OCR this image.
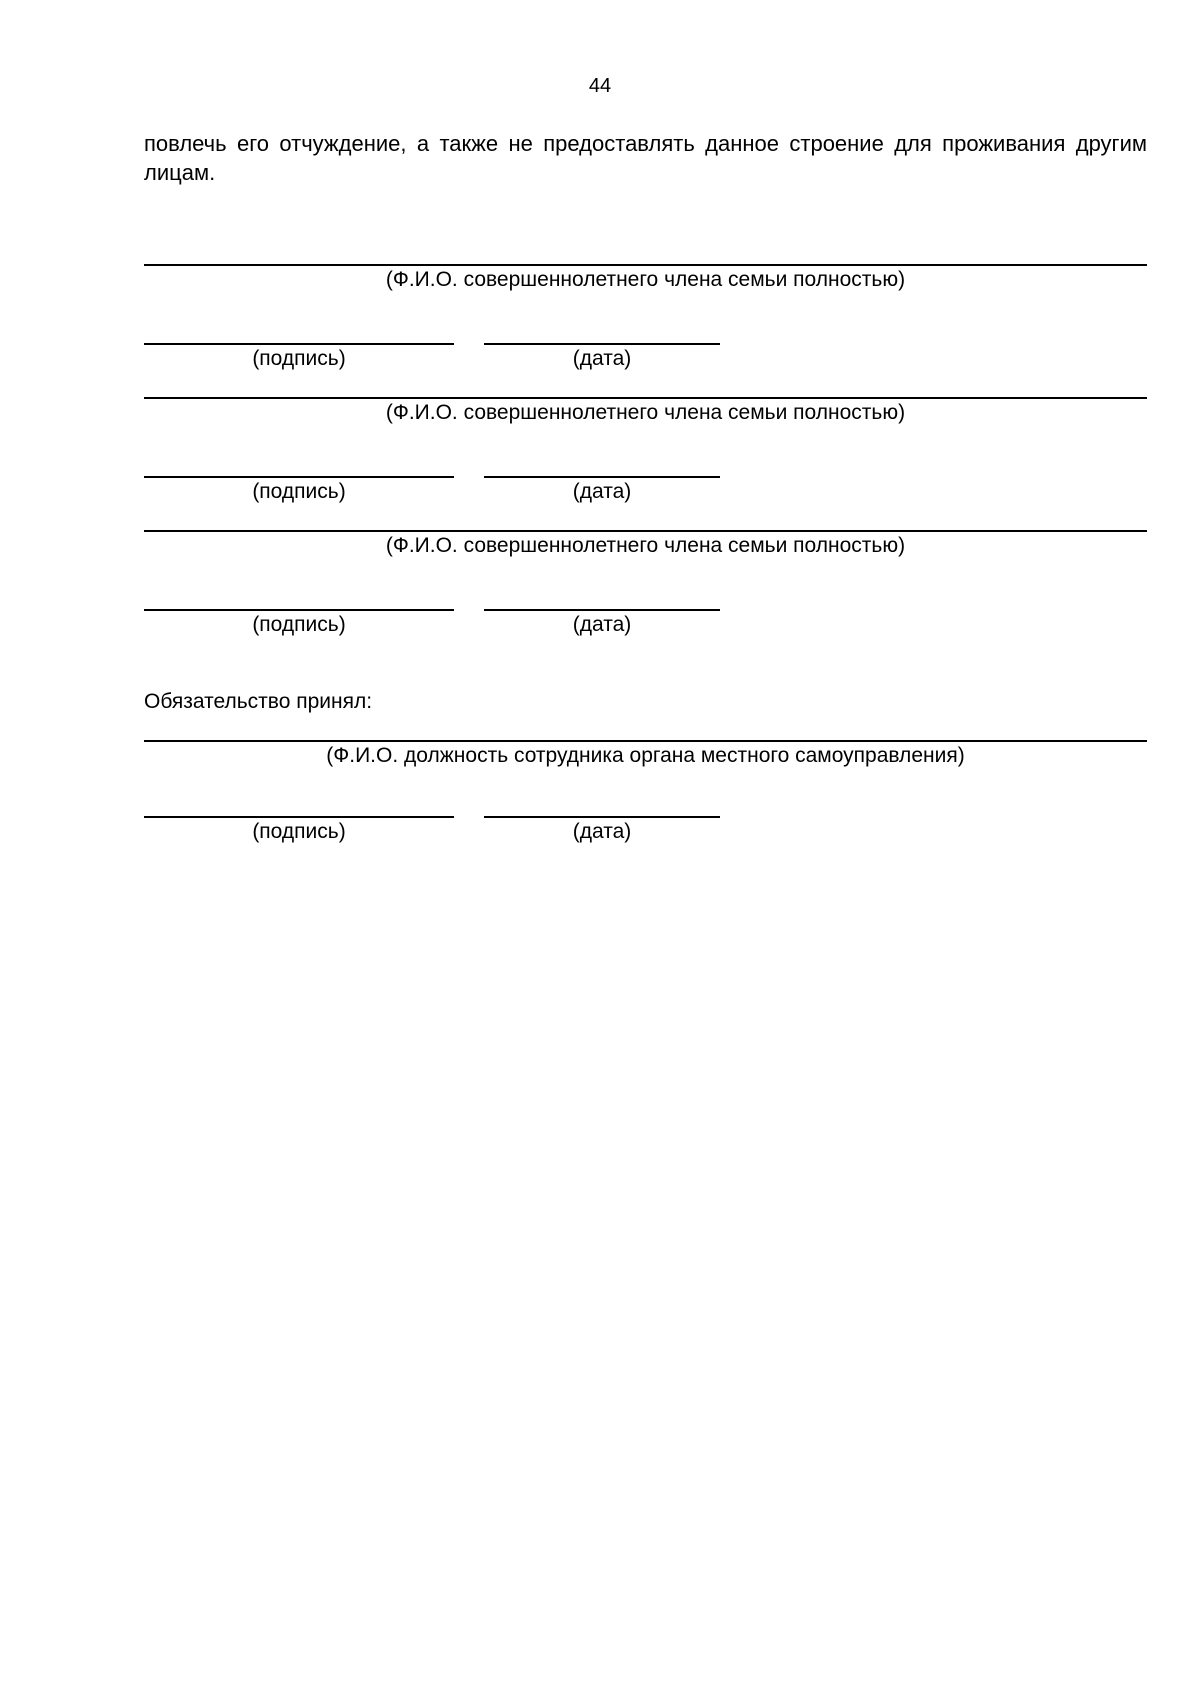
44

повлечь его отчуждение, а также не предоставлять данное строение для проживания другим лицам.

(Ф.И.О. совершеннолетнего члена семьи полностью)
(подпись)	(дата)
(Ф.И.О. совершеннолетнего члена семьи полностью)
(подпись)	(дата)
(Ф.И.О. совершеннолетнего члена семьи полностью)
(подпись)	(дата)
Обязательство принял:
(Ф.И.О. должность сотрудника органа местного самоуправления)
(подпись)	(дата)
